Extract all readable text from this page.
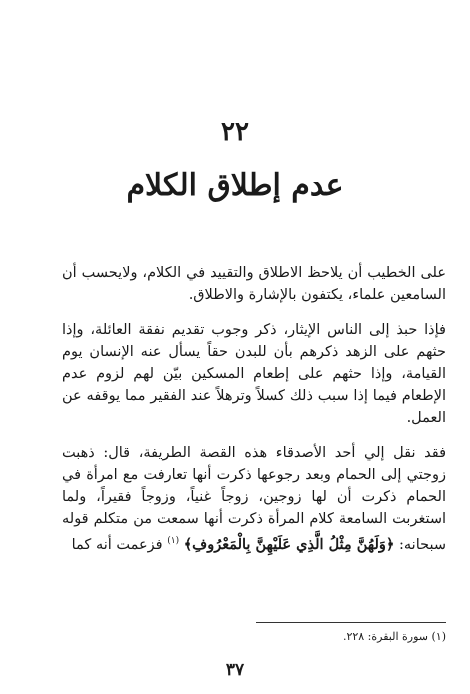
٢٢
عدم إطلاق الكلام

على الخطيب أن يلاحظ الاطلاق والتقييد في الكلام، ولايحسب أن السامعين علماء، يكتفون بالإشارة والاطلاق.

فإذا حبذ إلى الناس الإيثار، ذكر وجوب تقديم نفقة العائلة، وإذا حثهم على الزهد ذكرهم بأن للبدن حقاً يسأل عنه الإنسان يوم القيامة، وإذا حثهم على إطعام المسكين بيّن لهم لزوم عدم الإطعام فيما إذا سبب ذلك كسلاً وترهلاً عند الفقير مما يوقفه عن العمل.

فقد نقل إلي أحد الأصدقاء هذه القصة الطريفة، قال: ذهبت زوجتي إلى الحمام وبعد رجوعها ذكرت أنها تعارفت مع امرأة في الحمام ذكرت أن لها زوجين، زوجاً غنياً، وزوجاً فقيراً، ولما استغربت السامعة كلام المرأة ذكرت أنها سمعت من متكلم قوله سبحانه: ﴿وَلَهُنَّ مِثْلُ الَّذِي عَلَيْهِنَّ بِالْمَعْرُوفِ﴾ $^{(١)}$ فزعمت أنه كما

(١) سورة البقرة: ٢٢٨.
٣٧
